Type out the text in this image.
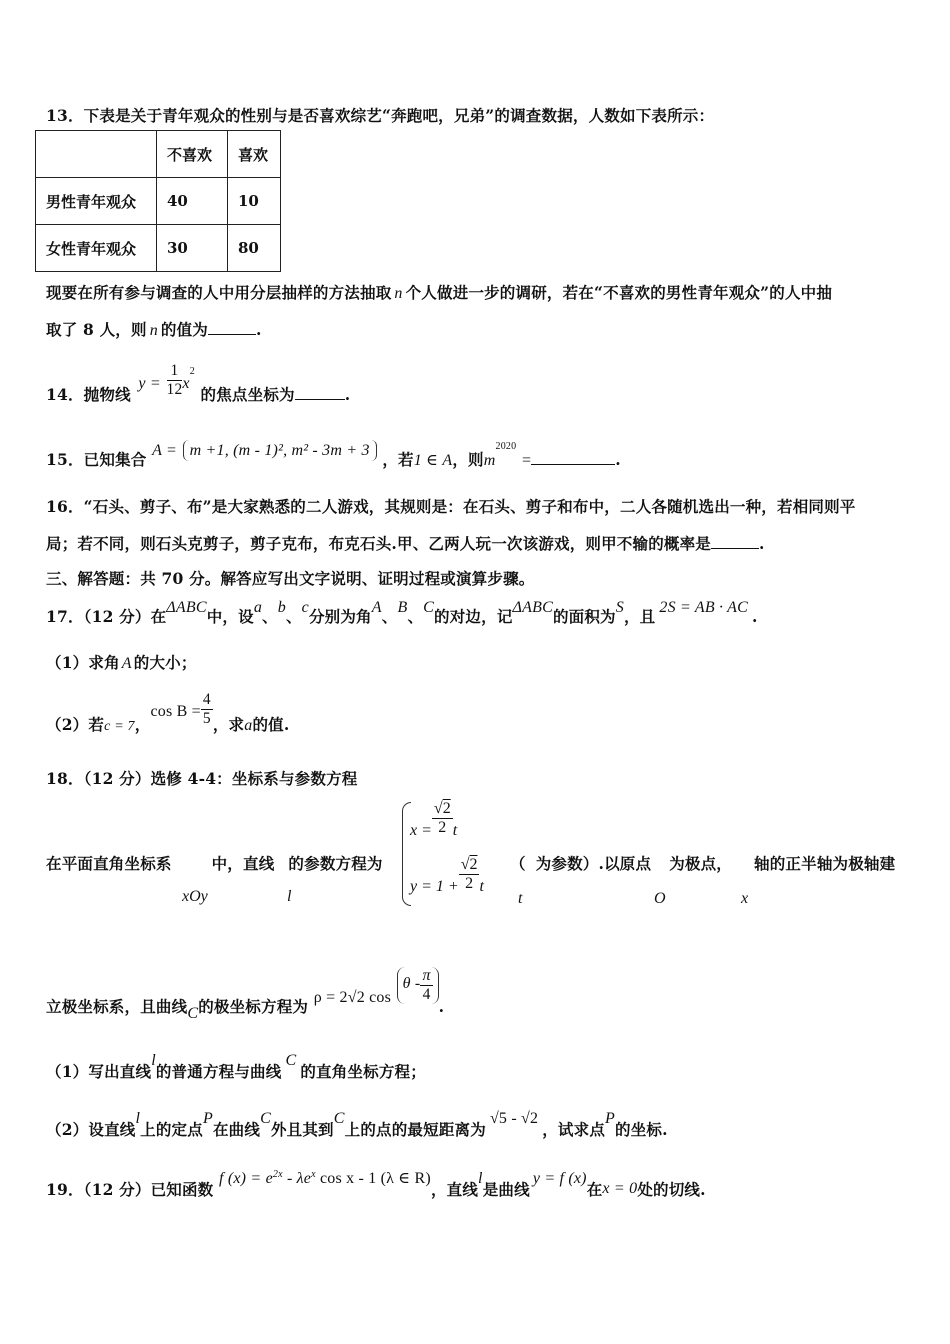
13．下表是关于青年观众的性别与是否喜欢综艺“奔跑吧，兄弟”的调查数据，人数如下表所示：
	不喜欢	喜欢
男性青年观众	40	10
女性青年观众	30	80
现要在所有参与调查的人中用分层抽样的方法抽取 n 个人做进一步的调研，若在“不喜欢的男性青年观众”的人中抽
取了 8 人，则 n 的值为	.
14．抛物线 $y = \frac{1}{12} x^2$ 的焦点坐标为	.
15．已知集合 A = m +1, (m - 1)², m² - 3m + 3 ，若1 ∈ A，则$m^{2020}$ =	.
16．“石头、剪子、布”是大家熟悉的二人游戏，其规则是：在石头、剪子和布中，二人各随机选出一种，若相同则平
局；若不同，则石头克剪子，剪子克布，布克石头.甲、乙两人玩一次该游戏，则甲不输的概率是	.
三、解答题：共 70 分。解答应写出文字说明、证明过程或演算步骤。
17．（12 分）在ΔABC中，设a、b、c分别为角A、B、C的对边，记ΔABC的面积为S，且 2S = AB · AC .
（1）求角 A 的大小；
（2）若c = 7，$\cos B = \frac{4}{5}$ ，求a的值.
18．（12 分）选修 4-4：坐标系与参数方程
在平面直角坐标系	中，直线 的参数方程为
xOy	l
$x = \frac{√2}{2}$ t
$y = 1 + \frac{√2}{2}$ t
（ 为参数）.以原点 为极点， 轴的正半轴为极轴建
t	O	x
立极坐标系，且曲线C的极坐标方程为 ρ = 2√2 cos θ - $\frac{\pi}{4}$
.
（1）写出直线l的普通方程与曲线C的直角坐标方程；
（2）设直线l上的定点P在曲线C外且其到C上的点的最短距离为√5 - √2，试求点P的坐标.
19．（12 分）已知函数 f $(x) = e^{2x} - \lambda e^x$ cos x - 1 (λ ∈ R)，直线l是曲线y = f (x)在x = 0处的切线.
